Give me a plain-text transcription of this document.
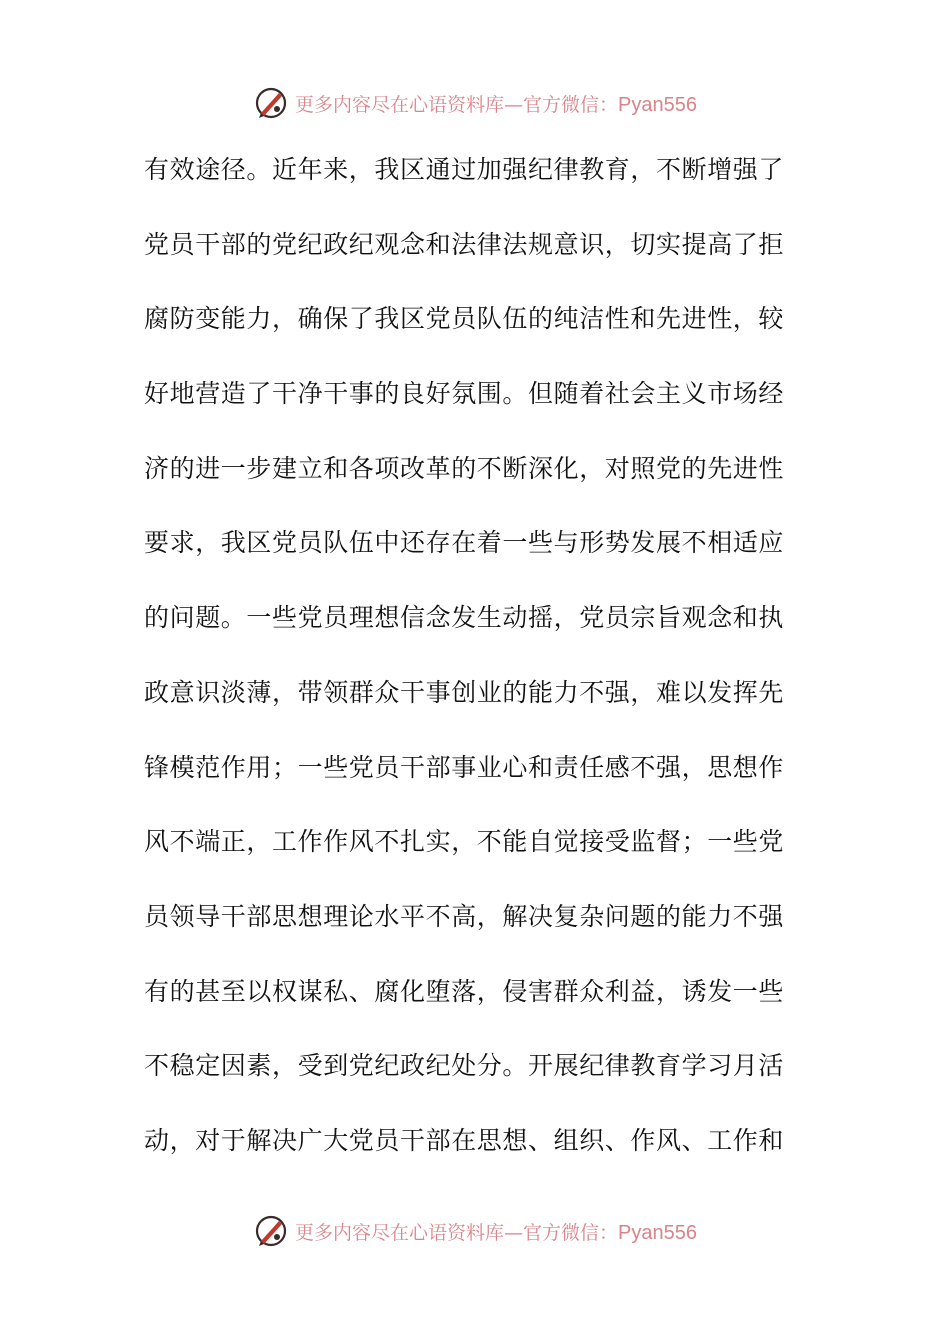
更多内容尽在心语资料库—官方微信：Pyan556
有效途径。近年来，我区通过加强纪律教育，不断增强了
党员干部的党纪政纪观念和法律法规意识，切实提高了拒
腐防变能力，确保了我区党员队伍的纯洁性和先进性，较
好地营造了干净干事的良好氛围。但随着社会主义市场经
济的进一步建立和各项改革的不断深化，对照党的先进性
要求，我区党员队伍中还存在着一些与形势发展不相适应
的问题。一些党员理想信念发生动摇，党员宗旨观念和执
政意识淡薄，带领群众干事创业的能力不强，难以发挥先
锋模范作用；一些党员干部事业心和责任感不强，思想作
风不端正，工作作风不扎实，不能自觉接受监督；一些党
员领导干部思想理论水平不高，解决复杂问题的能力不强
有的甚至以权谋私、腐化堕落，侵害群众利益，诱发一些
不稳定因素，受到党纪政纪处分。开展纪律教育学习月活
动，对于解决广大党员干部在思想、组织、作风、工作和
更多内容尽在心语资料库—官方微信：Pyan556
